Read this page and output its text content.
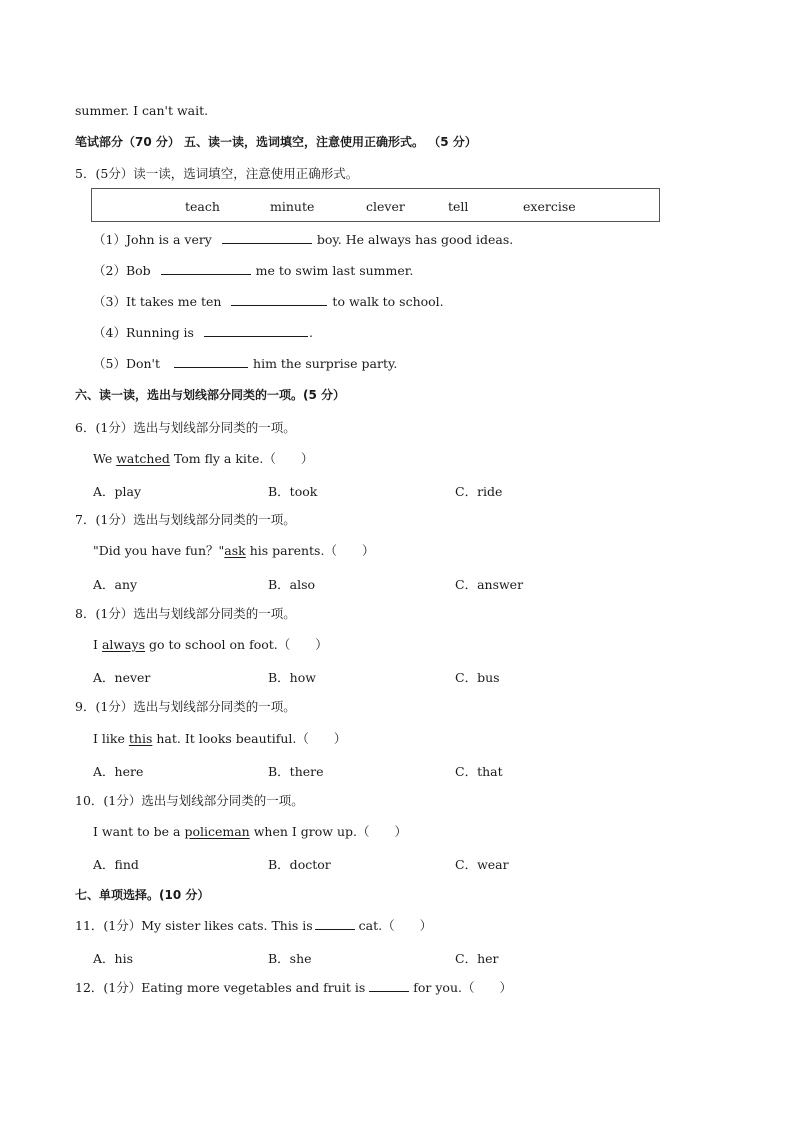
summer. I can't wait.
笔试部分（70 分） 五、读一读，选词填空，注意使用正确形式。 （5 分）
5．(5分）读一读，选词填空，注意使用正确形式。
teach	minute	clever	tell	exercise
（1）John is a very	boy. He always has good ideas.
（2）Bob	me to swim last summer.
（3）It takes me ten	to walk to school.
（4）Running is	.
（5）Don't	him the surprise party.
六、读一读，选出与划线部分同类的一项。(5 分）
6．(1分）选出与划线部分同类的一项。
We watched Tom fly a kite.（　　）
A．play	B．took	C．ride
7．(1分）选出与划线部分同类的一项。
"Did you have fun？"ask his parents.（　　）
A．any	B．also	C．answer
8．(1分）选出与划线部分同类的一项。
I always go to school on foot.（　　）
A．never	B．how	C．bus
9．(1分）选出与划线部分同类的一项。
I like this hat. It looks beautiful.（　　）
A．here	B．there	C．that
10．(1分）选出与划线部分同类的一项。
I want to be a policeman when I grow up.（　　）
A．find	B．doctor	C．wear
七、单项选择。(10 分）
11．(1分）My sister likes cats. This is	cat.（　　）
A．his	B．she	C．her
12．(1分）Eating more vegetables and fruit is	for you.（　　）
